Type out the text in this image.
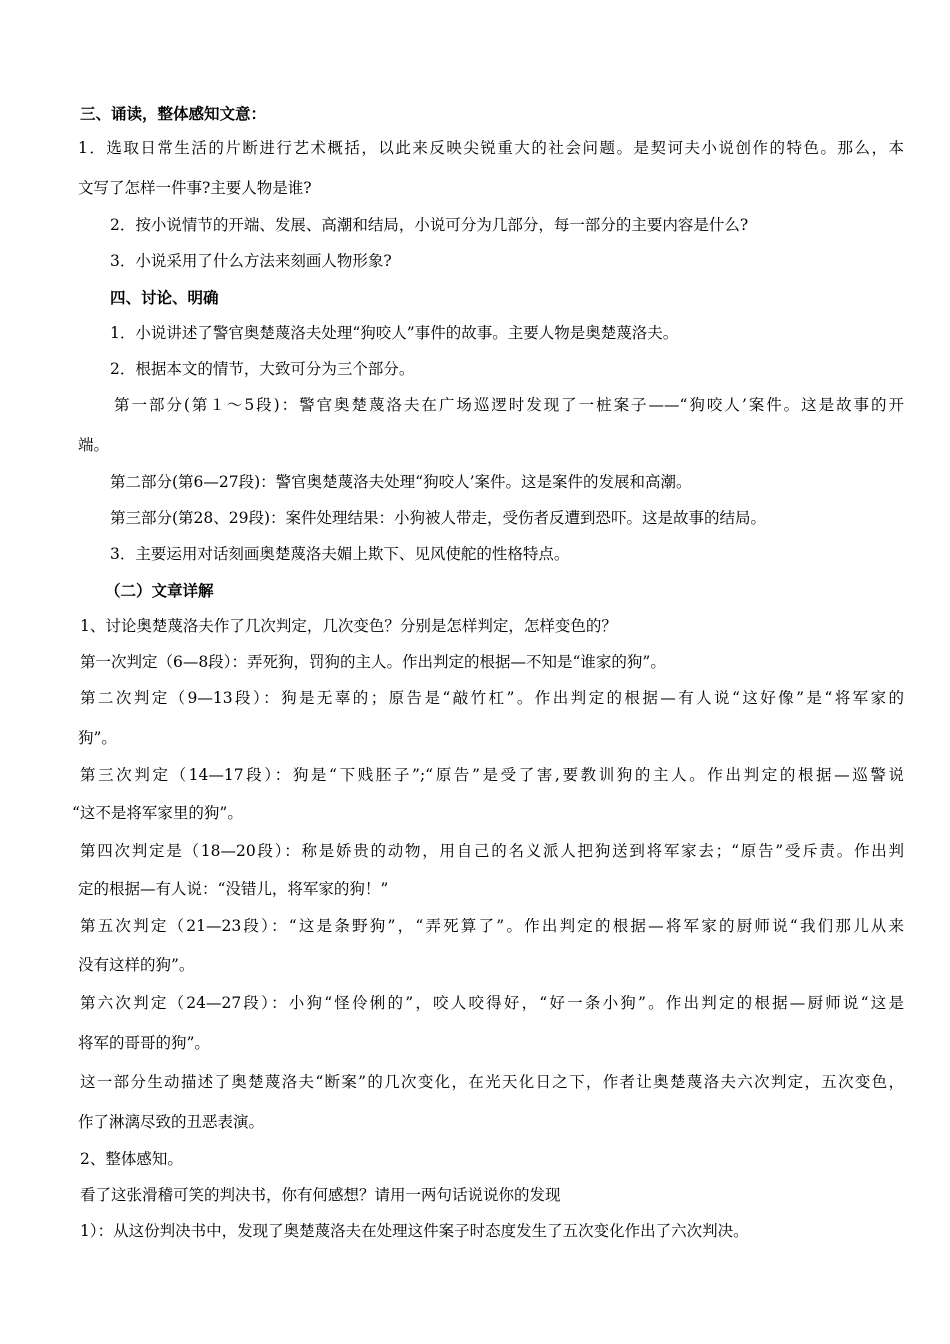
三、诵读，整体感知文意：
1．选取日常生活的片断进行艺术概括，以此来反映尖锐重大的社会问题。是契诃夫小说创作的特色。那么，本
文写了怎样一件事?主要人物是谁?
2．按小说情节的开端、发展、高潮和结局，小说可分为几部分，每一部分的主要内容是什么?
3．小说采用了什么方法来刻画人物形象?
四、讨论、明确
1．小说讲述了警官奥楚蔑洛夫处理“狗咬人”事件的故事。主要人物是奥楚蔑洛夫。
2．根据本文的情节，大致可分为三个部分。
第一部分(第１～5段)：警官奥楚蔑洛夫在广场巡逻时发现了一桩案子——“狗咬人’案件。这是故事的开
端。
第二部分(第6—27段)：警官奥楚蔑洛夫处理“狗咬人’案件。这是案件的发展和高潮。
第三部分(第28、29段)：案件处理结果：小狗被人带走，受伤者反遭到恐吓。这是故事的结局。
3．主要运用对话刻画奥楚蔑洛夫媚上欺下、见风使舵的性格特点。
（二）文章详解
1、讨论奥楚蔑洛夫作了几次判定，几次变色？分别是怎样判定，怎样变色的？
第一次判定（6—8段）：弄死狗，罚狗的主人。作出判定的根据—不知是“谁家的狗”。
第二次判定（9—13段）：狗是无辜的；原告是“敲竹杠”。作出判定的根据—有人说“这好像”是“将军家的
狗”。
第三次判定（14—17段）：狗是“下贱胚子”;“原告”是受了害,要教训狗的主人。作出判定的根据—巡警说
“这不是将军家里的狗”。
第四次判定是（18—20段）：称是娇贵的动物，用自己的名义派人把狗送到将军家去；“原告”受斥责。作出判
定的根据—有人说：“没错儿，将军家的狗！”
第五次判定（21—23段）：“这是条野狗”，“弄死算了”。作出判定的根据—将军家的厨师说“我们那儿从来
没有这样的狗”。
第六次判定（24—27段）：小狗“怪伶俐的”，咬人咬得好，“好一条小狗”。作出判定的根据—厨师说“这是
将军的哥哥的狗”。
这一部分生动描述了奥楚蔑洛夫“断案”的几次变化，在光天化日之下，作者让奥楚蔑洛夫六次判定，五次变色，
作了淋漓尽致的丑恶表演。
2、整体感知。
看了这张滑稽可笑的判决书，你有何感想？请用一两句话说说你的发现
1）：从这份判决书中，发现了奥楚蔑洛夫在处理这件案子时态度发生了五次变化作出了六次判决。
